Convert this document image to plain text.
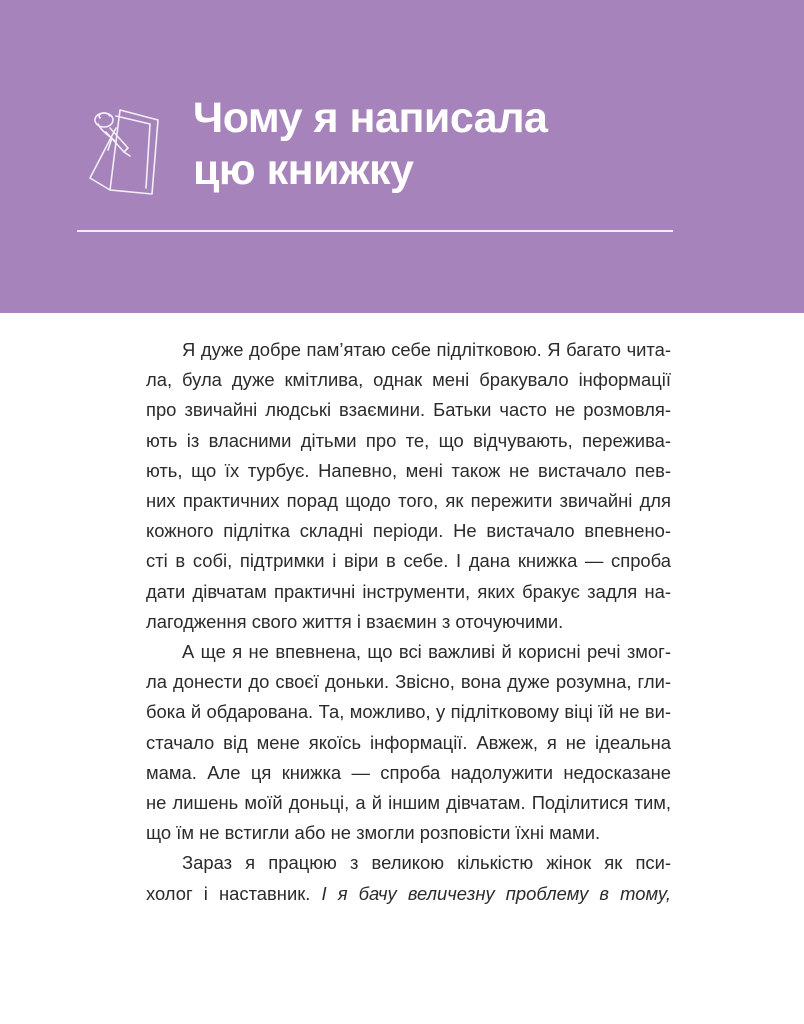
Чому я написала
цю книжку
Я дуже добре пам’ятаю себе підлітковою. Я багато чита-
ла, була дуже кмітлива, однак мені бракувало інформації
про звичайні людські взаємини. Батьки часто не розмовля-
ють із власними дітьми про те, що відчувають, пережива-
ють, що їх турбує. Напевно, мені також не вистачало пев-
них практичних порад щодо того, як пережити звичайні для
кожного підлітка складні періоди. Не вистачало впевнено-
сті в собі, підтримки і віри в себе. І дана книжка — спроба
дати дівчатам практичні інструменти, яких бракує задля на-
лагодження свого життя і взаємин з оточуючими.
А ще я не впевнена, що всі важливі й корисні речі змог-
ла донести до своєї доньки. Звісно, вона дуже розумна, гли-
бока й обдарована. Та, можливо, у підлітковому віці їй не ви-
стачало від мене якоїсь інформації. Авжеж, я не ідеальна
мама. Але ця книжка — спроба надолужити недосказане
не лишень моїй доньці, а й іншим дівчатам. Поділитися тим,
що їм не встигли або не змогли розповісти їхні мами.
Зараз я працюю з великою кількістю жінок як пси-
холог і наставник. І я бачу величезну проблему в тому,
